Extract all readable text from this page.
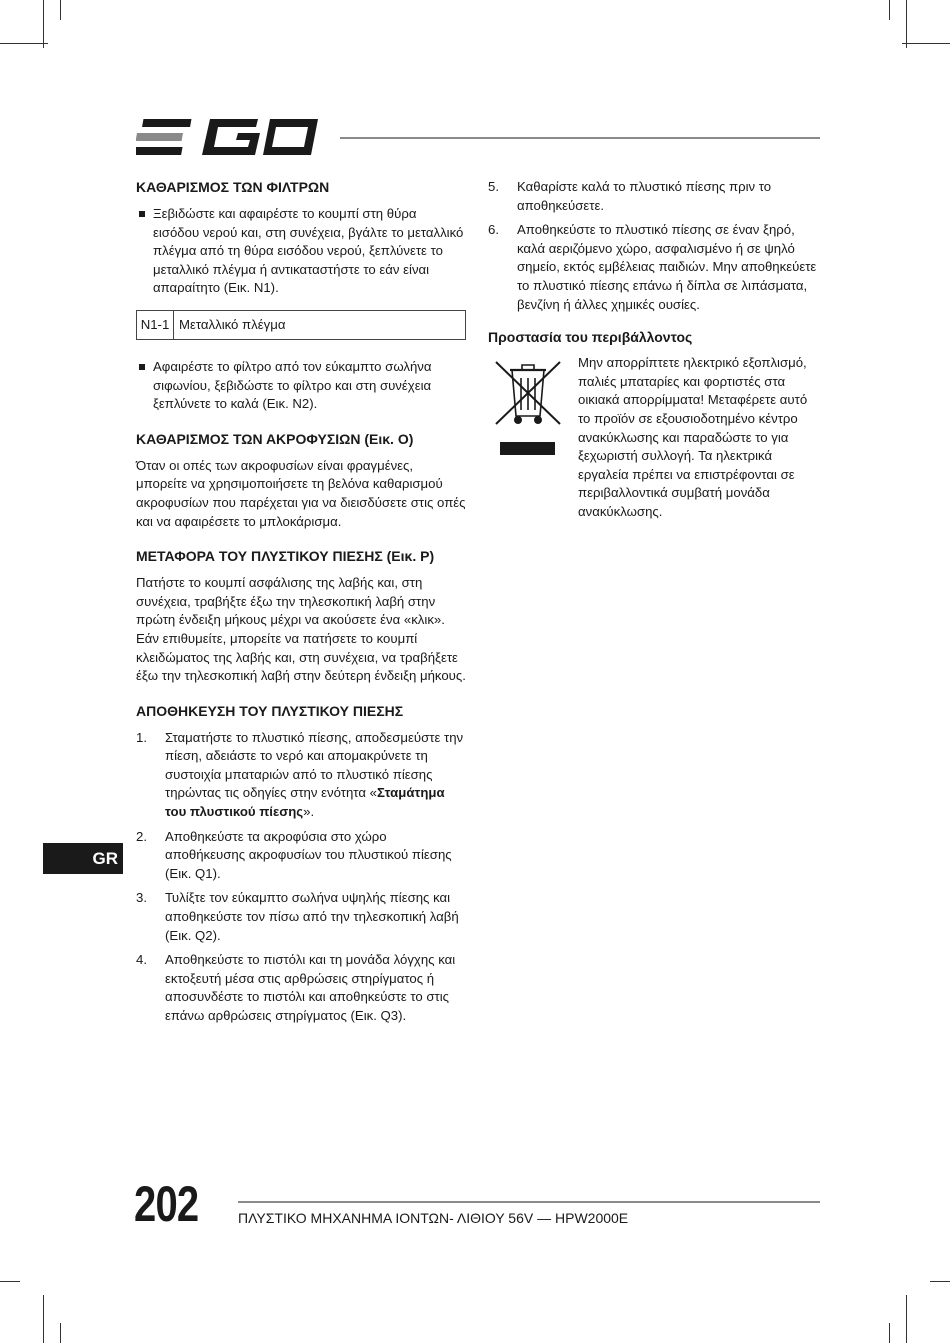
ΚΑΘΑΡΙΣΜΟΣ ΤΩΝ ΦΙΛΤΡΩΝ
Ξεβιδώστε και αφαιρέστε το κουμπί στη θύρα εισόδου νερού και, στη συνέχεια, βγάλτε το μεταλλικό πλέγμα από τη θύρα εισόδου νερού, ξεπλύνετε το μεταλλικό πλέγμα ή αντικαταστήστε το εάν είναι απαραίτητο (Εικ. N1).
N1-1 Μεταλλικό πλέγμα
Αφαιρέστε το φίλτρο από τον εύκαμπτο σωλήνα σιφωνίου, ξεβιδώστε το φίλτρο και στη συνέχεια ξεπλύνετε το καλά (Εικ. N2).
ΚΑΘΑΡΙΣΜΟΣ ΤΩΝ ΑΚΡΟΦΥΣΙΩΝ (Εικ. O)

Όταν οι οπές των ακροφυσίων είναι φραγμένες, μπορείτε να χρησιμοποιήσετε τη βελόνα καθαρισμού ακροφυσίων που παρέχεται για να διεισδύσετε στις οπές και να αφαιρέσετε το μπλοκάρισμα.

ΜΕΤΑΦΟΡΑ ΤΟΥ ΠΛΥΣΤΙΚΟΥ ΠΙΕΣΗΣ (Εικ. P)

Πατήστε το κουμπί ασφάλισης της λαβής και, στη συνέχεια, τραβήξτε έξω την τηλεσκοπική λαβή στην πρώτη ένδειξη μήκους μέχρι να ακούσετε ένα «κλικ». Εάν επιθυμείτε, μπορείτε να πατήσετε το κουμπί κλειδώματος της λαβής και, στη συνέχεια, να τραβήξετε έξω την τηλεσκοπική λαβή στην δεύτερη ένδειξη μήκους.

ΑΠΟΘΗΚΕΥΣΗ ΤΟΥ ΠΛΥΣΤΙΚΟΥ ΠΙΕΣΗΣ
1. Σταματήστε το πλυστικό πίεσης, αποδεσμεύστε την πίεση, αδειάστε το νερό και απομακρύνετε τη συστοιχία μπαταριών από το πλυστικό πίεσης τηρώντας τις οδηγίες στην ενότητα «Σταμάτημα του πλυστικού πίεσης».
2. Αποθηκεύστε τα ακροφύσια στο χώρο αποθήκευσης ακροφυσίων του πλυστικού πίεσης (Εικ. Q1).
3. Τυλίξτε τον εύκαμπτο σωλήνα υψηλής πίεσης και αποθηκεύστε τον πίσω από την τηλεσκοπική λαβή (Εικ. Q2).
4. Αποθηκεύστε το πιστόλι και τη μονάδα λόγχης και εκτοξευτή μέσα στις αρθρώσεις στηρίγματος ή αποσυνδέστε το πιστόλι και αποθηκεύστε το στις επάνω αρθρώσεις στηρίγματος (Εικ. Q3).
5. Καθαρίστε καλά το πλυστικό πίεσης πριν το αποθηκεύσετε.
6. Αποθηκεύστε το πλυστικό πίεσης σε έναν ξηρό, καλά αεριζόμενο χώρο, ασφαλισμένο ή σε ψηλό σημείο, εκτός εμβέλειας παιδιών. Μην αποθηκεύετε το πλυστικό πίεσης επάνω ή δίπλα σε λιπάσματα, βενζίνη ή άλλες χημικές ουσίες.
Προστασία του περιβάλλοντος

Μην απορρίπτετε ηλεκτρικό εξοπλισμό, παλιές μπαταρίες και φορτιστές στα οικιακά απορρίμματα! Μεταφέρετε αυτό το προϊόν σε εξουσιοδοτημένο κέντρο ανακύκλωσης και παραδώστε το για ξεχωριστή συλλογή. Τα ηλεκτρικά εργαλεία πρέπει να επιστρέφονται σε περιβαλλοντικά συμβατή μονάδα ανακύκλωσης.

GR
202	ΠΛΥΣΤΙΚΟ ΜΗΧΑΝΗΜΑ ΙΟΝΤΩΝ- ΛΙΘΙΟΥ 56V — HPW2000E
